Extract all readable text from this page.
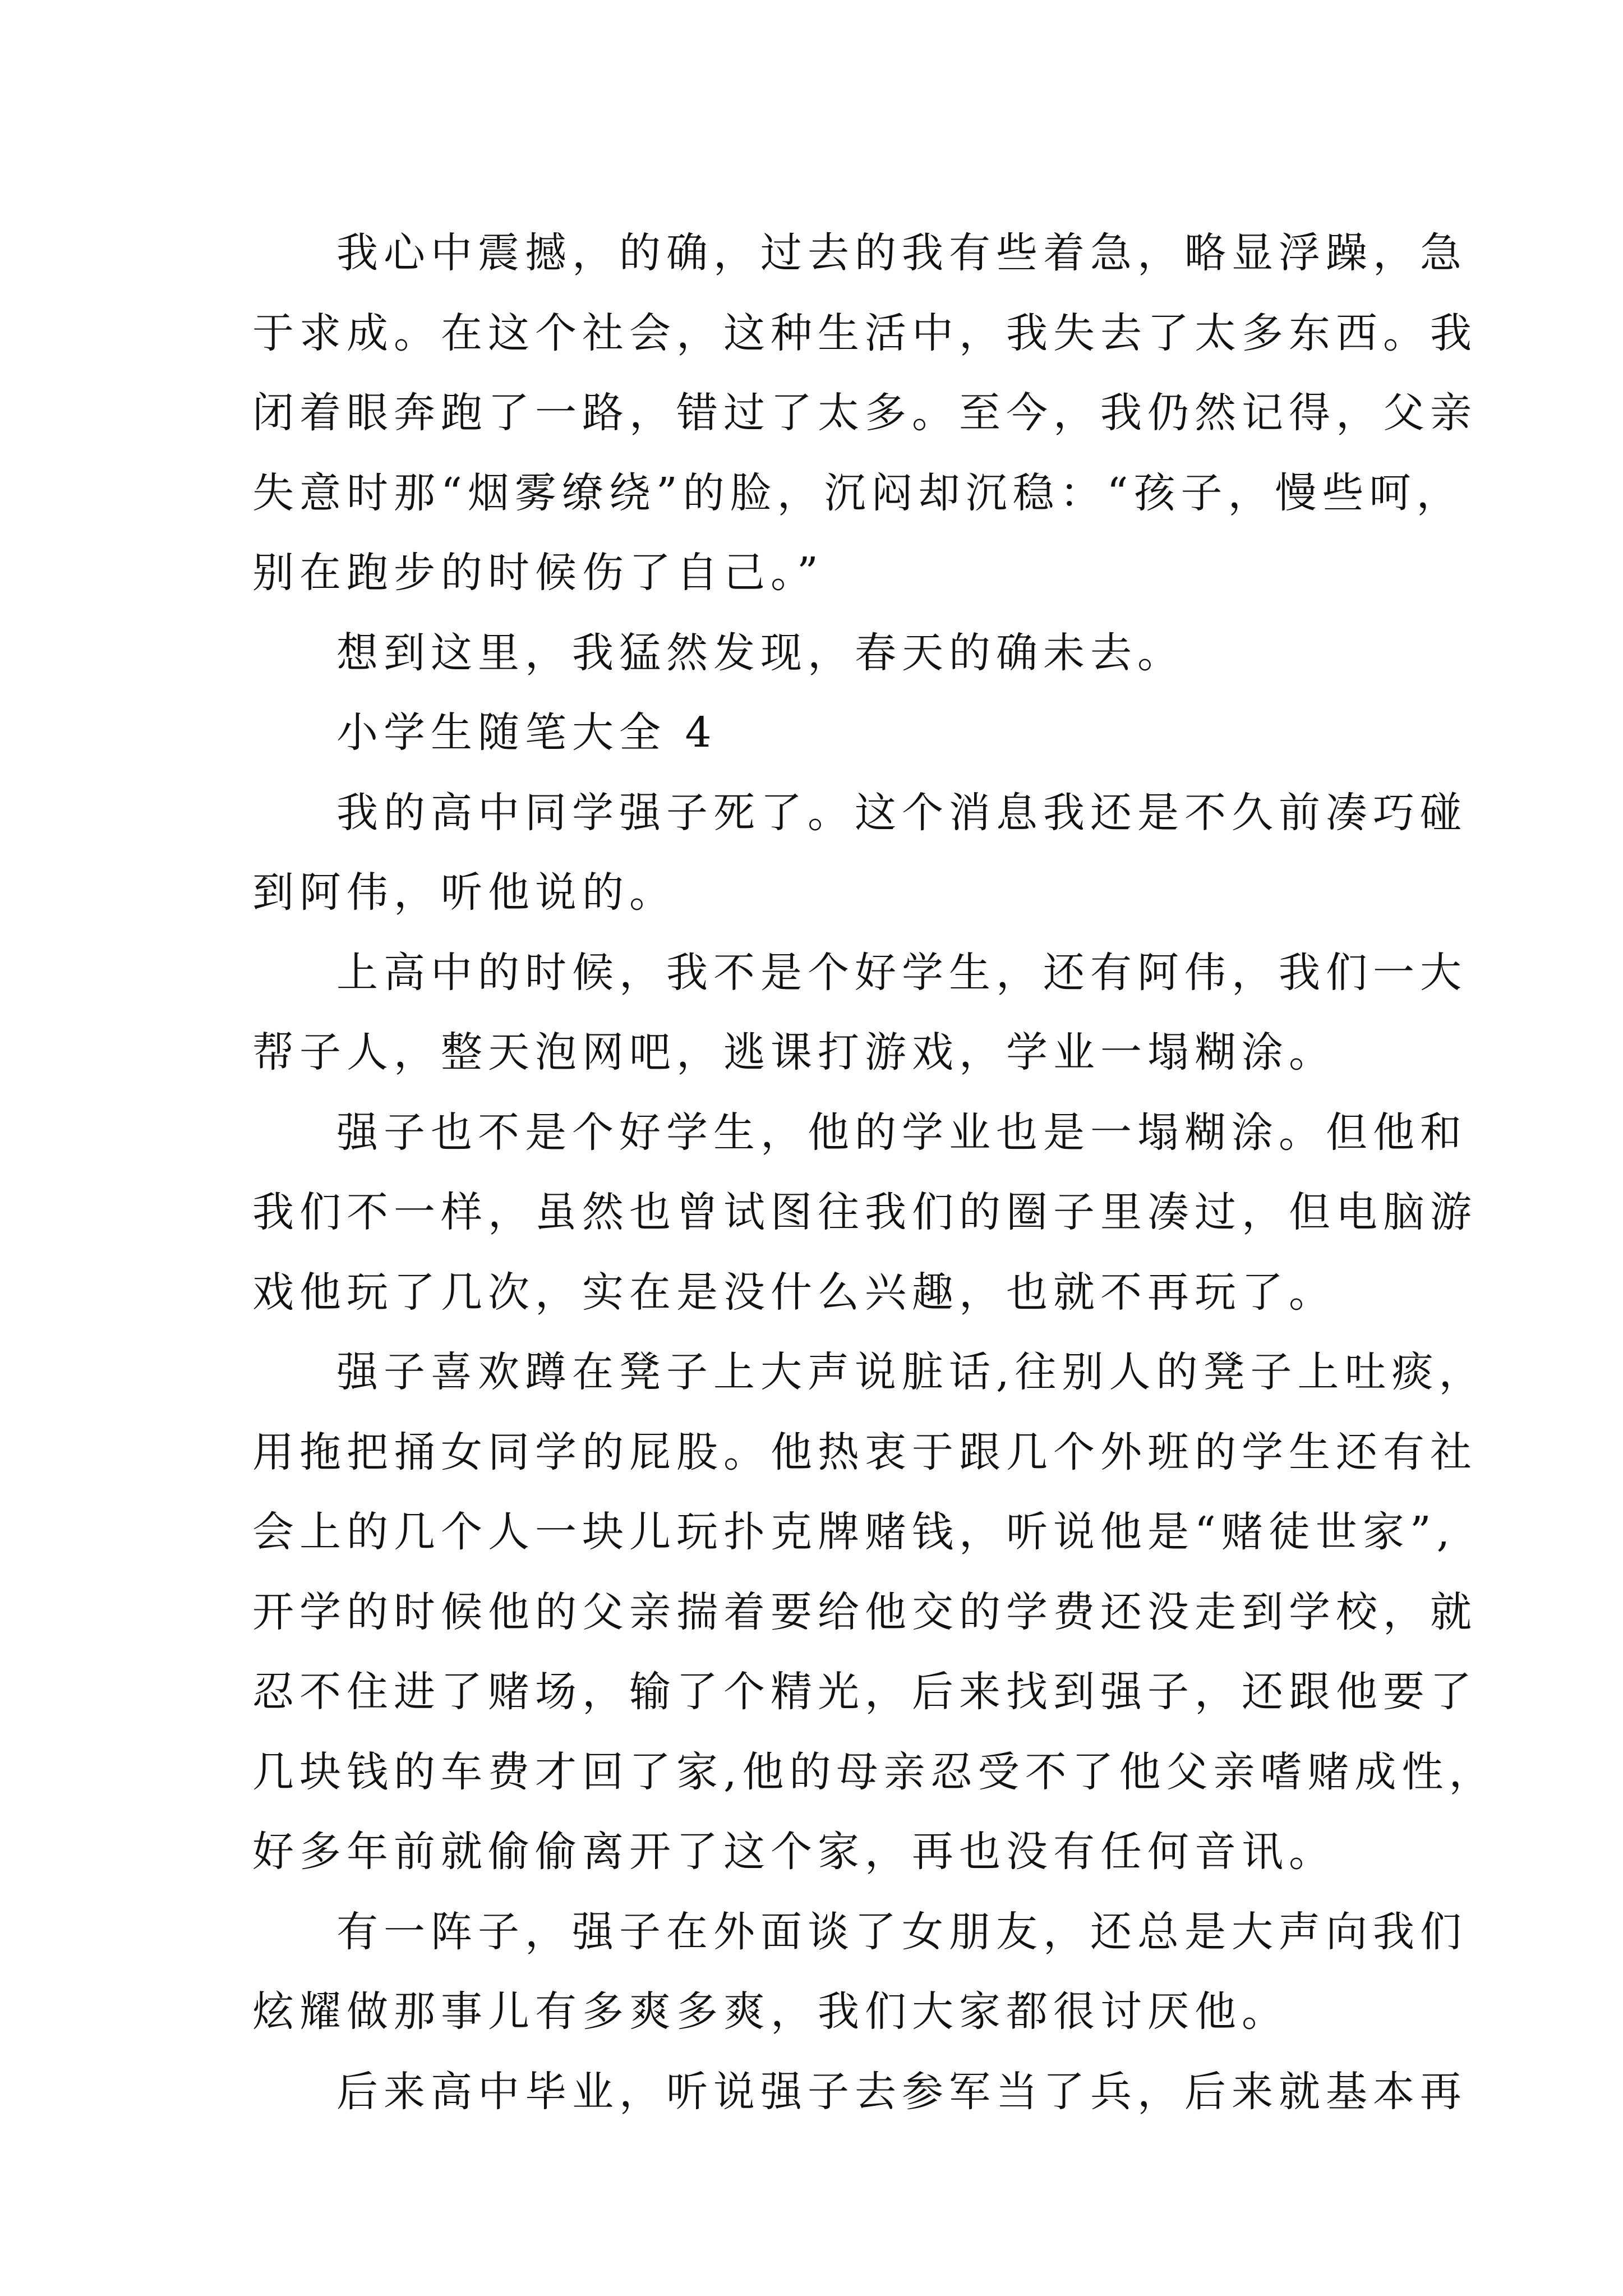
我心中震撼，的确，过去的我有些着急，略显浮躁，急
于求成。在这个社会，这种生活中，我失去了太多东西。我
闭着眼奔跑了一路，错过了太多。至今，我仍然记得，父亲
失意时那“烟雾缭绕”的脸，沉闷却沉稳：“孩子，慢些呵，
别在跑步的时候伤了自己。”
想到这里，我猛然发现，春天的确未去。
小学生随笔大全 4
我的高中同学强子死了。这个消息我还是不久前凑巧碰
到阿伟，听他说的。
上高中的时候，我不是个好学生，还有阿伟，我们一大
帮子人，整天泡网吧，逃课打游戏，学业一塌糊涂。
强子也不是个好学生，他的学业也是一塌糊涂。但他和
我们不一样，虽然也曾试图往我们的圈子里凑过，但电脑游
戏他玩了几次，实在是没什么兴趣，也就不再玩了。
强子喜欢蹲在凳子上大声说脏话,往别人的凳子上吐痰，
用拖把捅女同学的屁股。他热衷于跟几个外班的学生还有社
会上的几个人一块儿玩扑克牌赌钱，听说他是“赌徒世家”,
开学的时候他的父亲揣着要给他交的学费还没走到学校，就
忍不住进了赌场，输了个精光，后来找到强子，还跟他要了
几块钱的车费才回了家,他的母亲忍受不了他父亲嗜赌成性，
好多年前就偷偷离开了这个家，再也没有任何音讯。
有一阵子，强子在外面谈了女朋友，还总是大声向我们
炫耀做那事儿有多爽多爽，我们大家都很讨厌他。
后来高中毕业，听说强子去参军当了兵，后来就基本再
